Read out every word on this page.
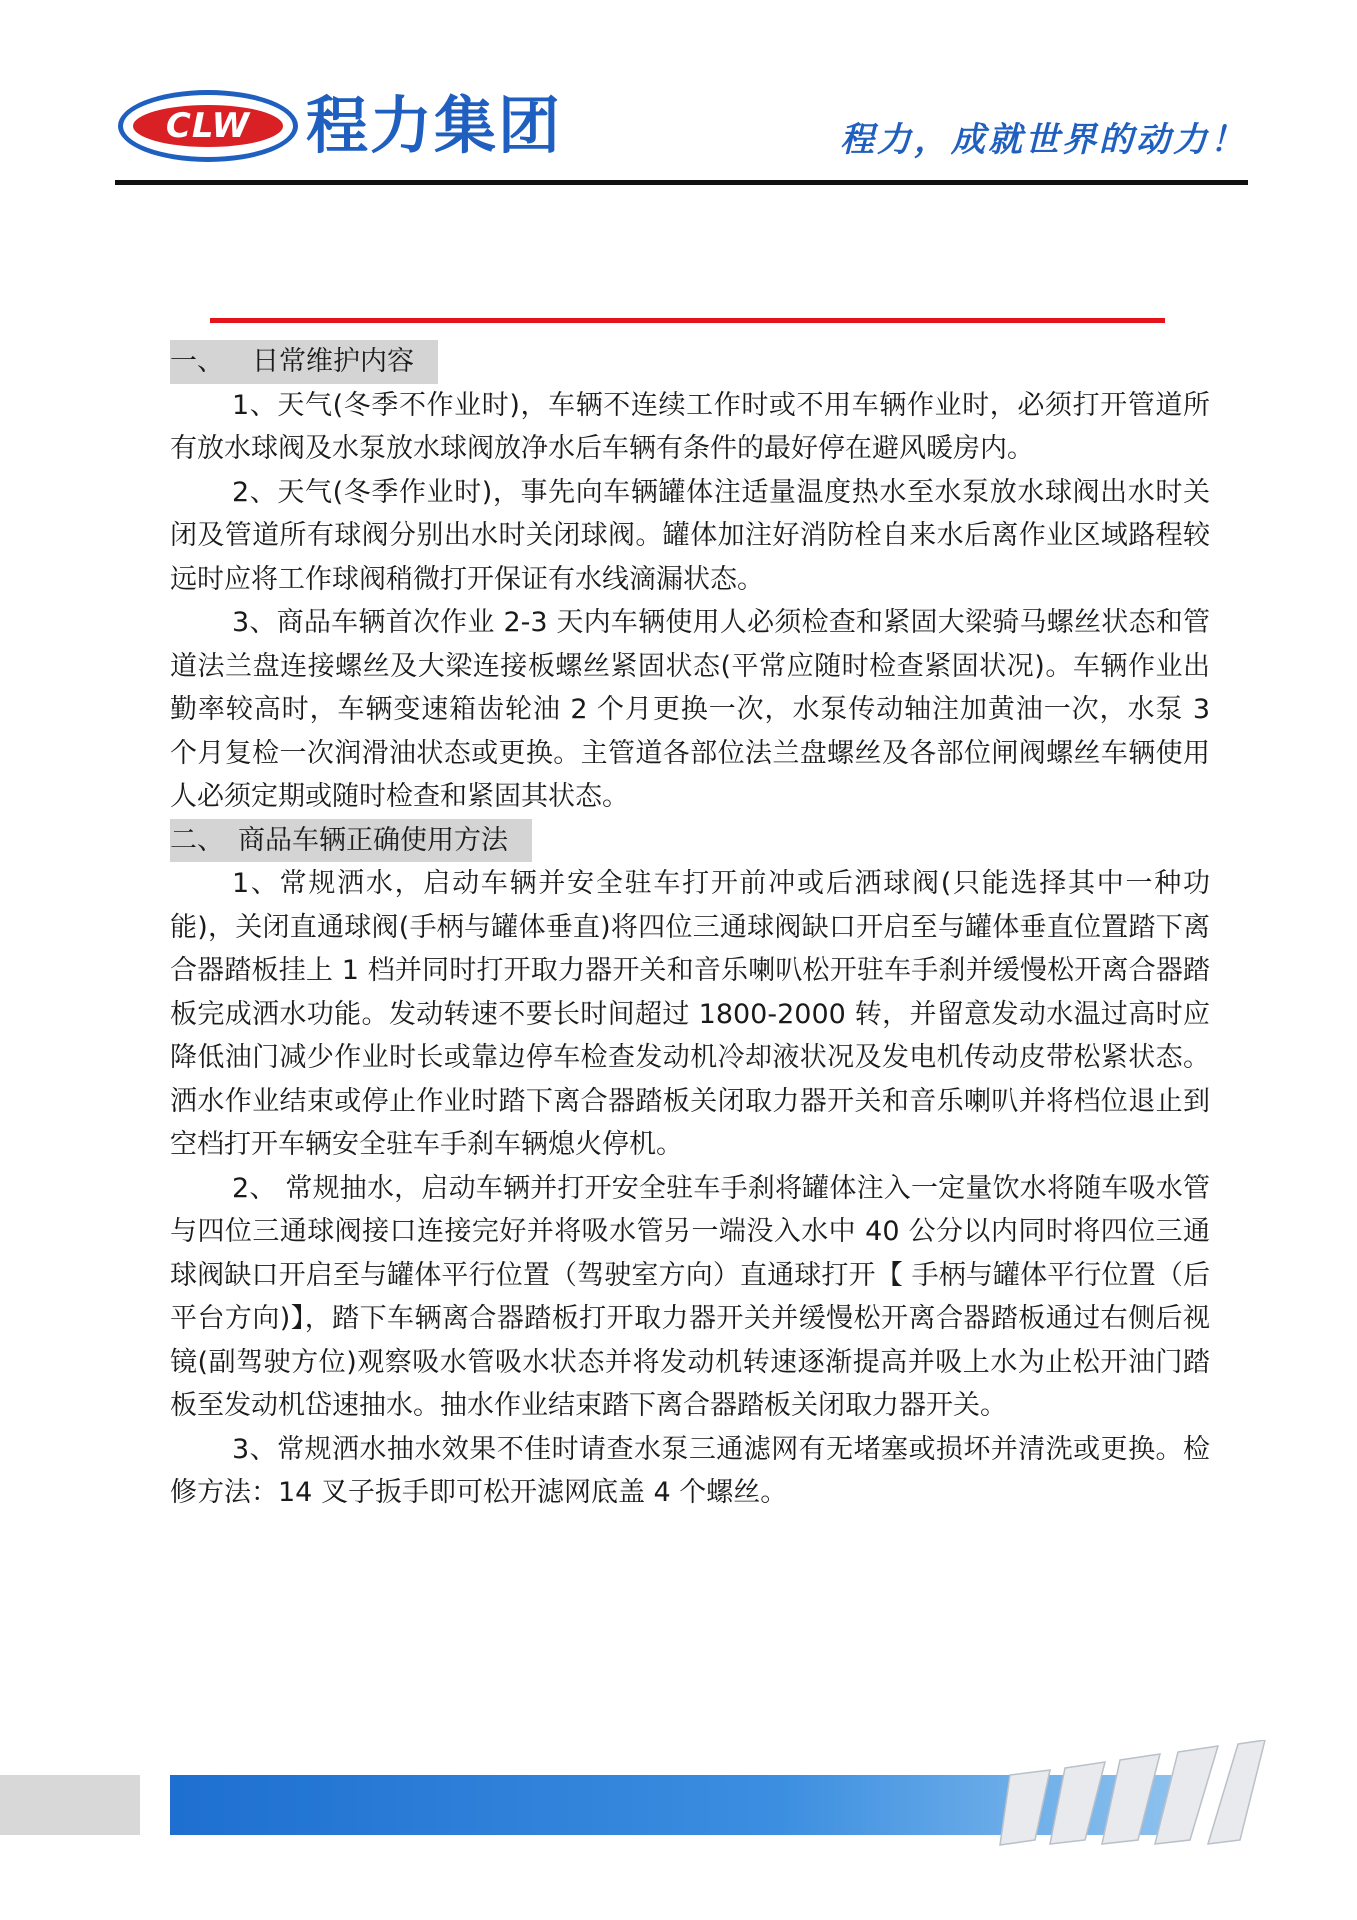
CLW 程力集团	程力，成就世界的动力！
一、 日常维护内容

1、天气(冬季不作业时)，车辆不连续工作时或不用车辆作业时，必须打开管道所有放水球阀及水泵放水球阀放净水后车辆有条件的最好停在避风暖房内。

2、天气(冬季作业时)，事先向车辆罐体注适量温度热水至水泵放水球阀出水时关闭及管道所有球阀分别出水时关闭球阀。罐体加注好消防栓自来水后离作业区域路程较远时应将工作球阀稍微打开保证有水线滴漏状态。

3、商品车辆首次作业 2-3 天内车辆使用人必须检查和紧固大梁骑马螺丝状态和管道法兰盘连接螺丝及大梁连接板螺丝紧固状态(平常应随时检查紧固状况)。车辆作业出勤率较高时，车辆变速箱齿轮油 2 个月更换一次，水泵传动轴注加黄油一次，水泵 3 个月复检一次润滑油状态或更换。主管道各部位法兰盘螺丝及各部位闸阀螺丝车辆使用人必须定期或随时检查和紧固其状态。

二、 商品车辆正确使用方法

1、常规洒水，启动车辆并安全驻车打开前冲或后洒球阀(只能选择其中一种功能)，关闭直通球阀(手柄与罐体垂直)将四位三通球阀缺口开启至与罐体垂直位置踏下离合器踏板挂上 1 档并同时打开取力器开关和音乐喇叭松开驻车手刹并缓慢松开离合器踏板完成洒水功能。发动转速不要长时间超过 1800-2000 转，并留意发动水温过高时应降低油门减少作业时长或靠边停车检查发动机冷却液状况及发电机传动皮带松紧状态。洒水作业结束或停止作业时踏下离合器踏板关闭取力器开关和音乐喇叭并将档位退止到空档打开车辆安全驻车手刹车辆熄火停机。

2、 常规抽水，启动车辆并打开安全驻车手刹将罐体注入一定量饮水将随车吸水管与四位三通球阀接口连接完好并将吸水管另一端没入水中 40 公分以内同时将四位三通球阀缺口开启至与罐体平行位置（驾驶室方向）直通球打开【 手柄与罐体平行位置（后平台方向)】，踏下车辆离合器踏板打开取力器开关并缓慢松开离合器踏板通过右侧后视镜(副驾驶方位)观察吸水管吸水状态并将发动机转速逐渐提高并吸上水为止松开油门踏板至发动机岱速抽水。抽水作业结束踏下离合器踏板关闭取力器开关。

3、常规洒水抽水效果不佳时请查水泵三通滤网有无堵塞或损坏并清洗或更换。检修方法：14 叉子扳手即可松开滤网底盖 4 个螺丝。
